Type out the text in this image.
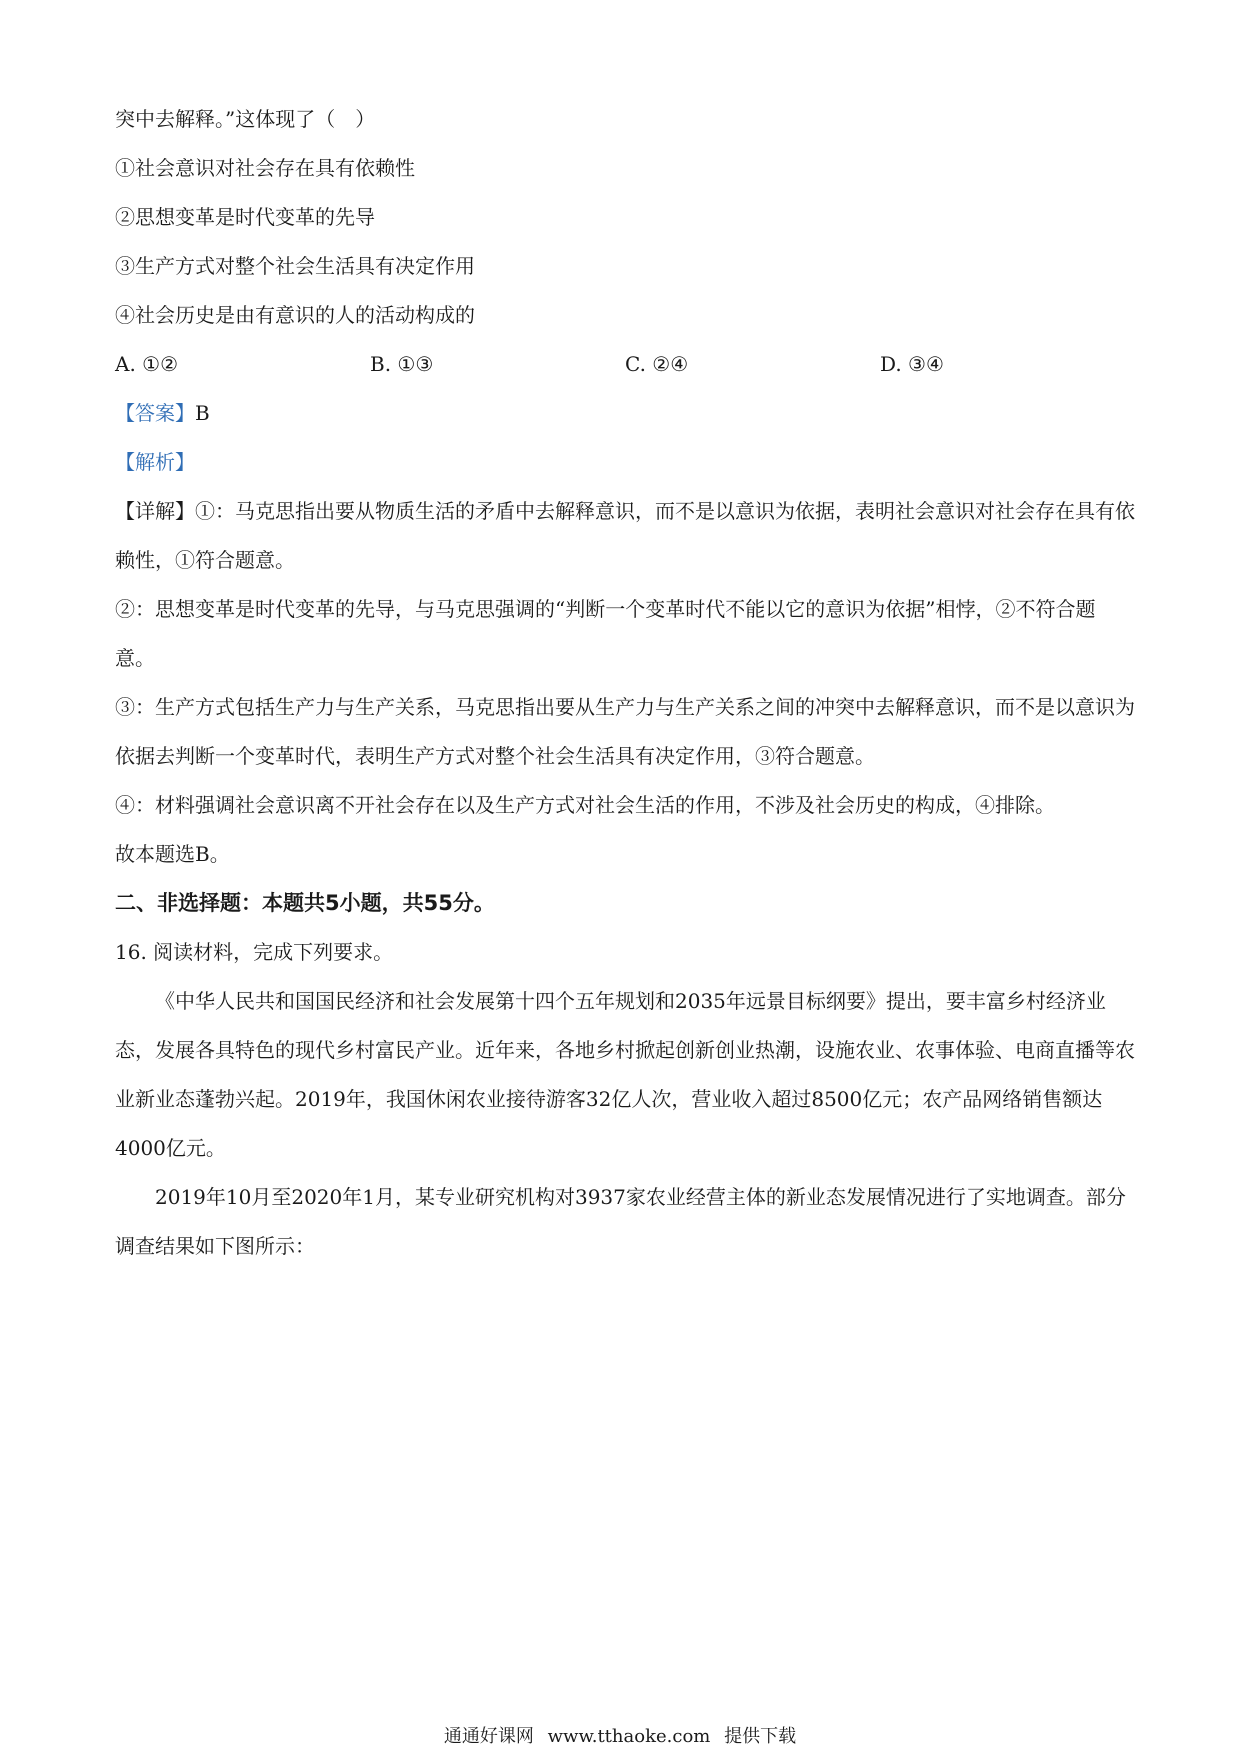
突中去解释。”这体现了（　）

①社会意识对社会存在具有依赖性

②思想变革是时代变革的先导

③生产方式对整个社会生活具有决定作用

④社会历史是由有意识的人的活动构成的

A. ①②	B. ①③	C. ②④	D. ③④

【答案】B

【解析】

【详解】①：马克思指出要从物质生活的矛盾中去解释意识，而不是以意识为依据，表明社会意识对社会存在具有依赖性，①符合题意。

②：思想变革是时代变革的先导，与马克思强调的“判断一个变革时代不能以它的意识为依据”相悖，②不符合题意。

③：生产方式包括生产力与生产关系，马克思指出要从生产力与生产关系之间的冲突中去解释意识，而不是以意识为依据去判断一个变革时代，表明生产方式对整个社会生活具有决定作用，③符合题意。

④：材料强调社会意识离不开社会存在以及生产方式对社会生活的作用，不涉及社会历史的构成，④排除。

故本题选B。

二、非选择题：本题共5小题，共55分。

16. 阅读材料，完成下列要求。

《中华人民共和国国民经济和社会发展第十四个五年规划和2035年远景目标纲要》提出，要丰富乡村经济业态，发展各具特色的现代乡村富民产业。近年来，各地乡村掀起创新创业热潮，设施农业、农事体验、电商直播等农业新业态蓬勃兴起。2019年，我国休闲农业接待游客32亿人次，营业收入超过8500亿元；农产品网络销售额达4000亿元。

2019年10月至2020年1月，某专业研究机构对3937家农业经营主体的新业态发展情况进行了实地调查。部分调查结果如下图所示：

通通好课网 www.tthaoke.com 提供下载
